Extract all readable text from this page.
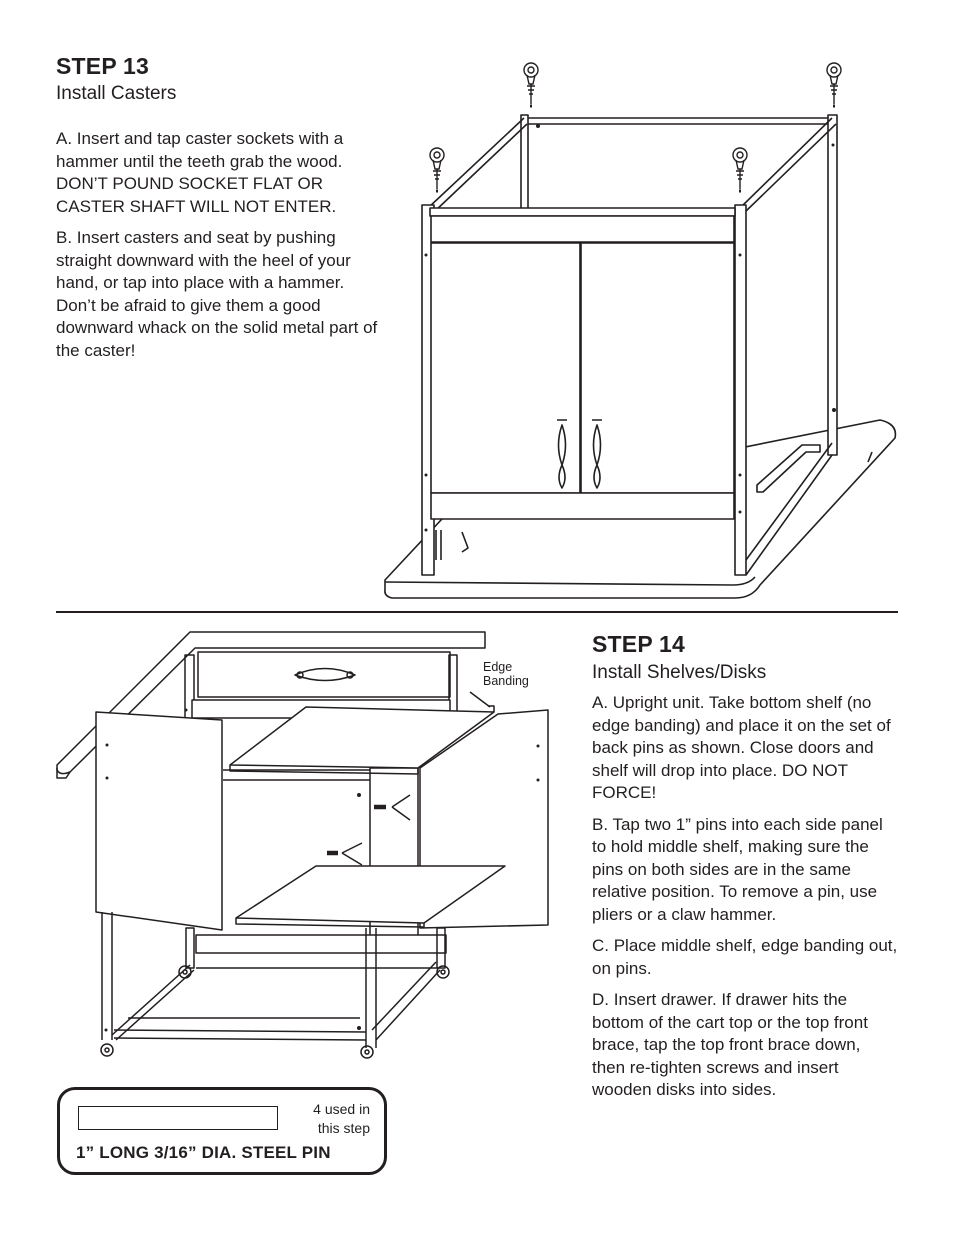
STEP 13
Install Casters

A. Insert and tap caster sockets with a hammer until the teeth grab the wood. DON’T POUND SOCKET FLAT OR CASTER SHAFT WILL NOT ENTER.

B. Insert casters and seat by pushing straight downward with the heel of your hand, or tap into place with a hammer. Don’t be afraid to give them a good downward whack on the solid metal part of the caster!

Edge
Banding
STEP 14
Install Shelves/Disks

A. Upright unit. Take bottom shelf (no edge banding) and place it on the set of back pins as shown. Close doors and shelf will drop into place. DO NOT FORCE!

B. Tap two 1” pins into each side panel to hold middle shelf, making sure the pins on both sides are in the same relative position. To remove a pin, use pliers or a claw hammer.

C. Place middle shelf, edge banding out, on pins.

D. Insert drawer. If drawer hits the bottom of the cart top or the top front brace, tap the top front brace down, then re-tighten screws and insert wooden disks into sides.

4 used in
this step
1” LONG 3/16” DIA. STEEL PIN
